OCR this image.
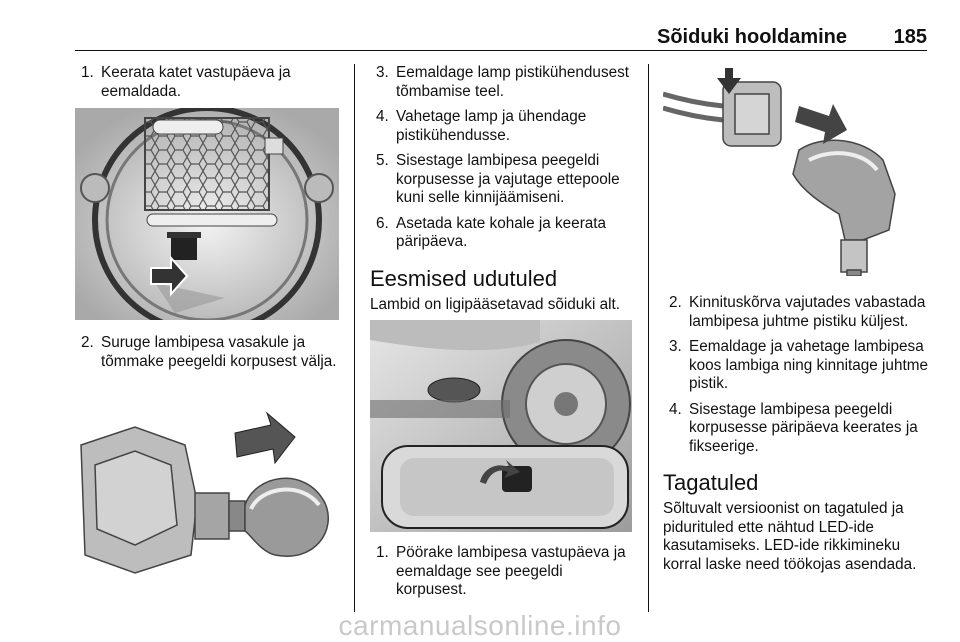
Sõiduki hooldamine 185
1. Keerata katet vastupäeva ja eemaldada.
2. Suruge lambipesa vasakule ja tõmmake peegeldi korpusest välja.
3. Eemaldage lamp pistikühendusest tõmbamise teel.
4. Vahetage lamp ja ühendage pistikühendusse.
5. Sisestage lambipesa peegeldi korpusesse ja vajutage ettepoole kuni selle kinnijäämiseni.
6. Asetada kate kohale ja keerata päripäeva.
Eesmised udutuled

Lambid on ligipääsetavad sõiduki alt.

1. Pöörake lambipesa vastupäeva ja eemaldage see peegeldi korpusest.
2. Kinnituskõrva vajutades vabastada lambipesa juhtme pistiku küljest.
3. Eemaldage ja vahetage lambipesa koos lambiga ning kinnitage juhtme pistik.
4. Sisestage lambipesa peegeldi korpusesse päripäeva keerates ja fikseerige.
Tagatuled

Sõltuvalt versioonist on tagatuled ja pidurituled ette nähtud LED-ide kasutamiseks. LED-ide rikkimineku korral laske need töökojas asendada.

carmanualsonline.info
